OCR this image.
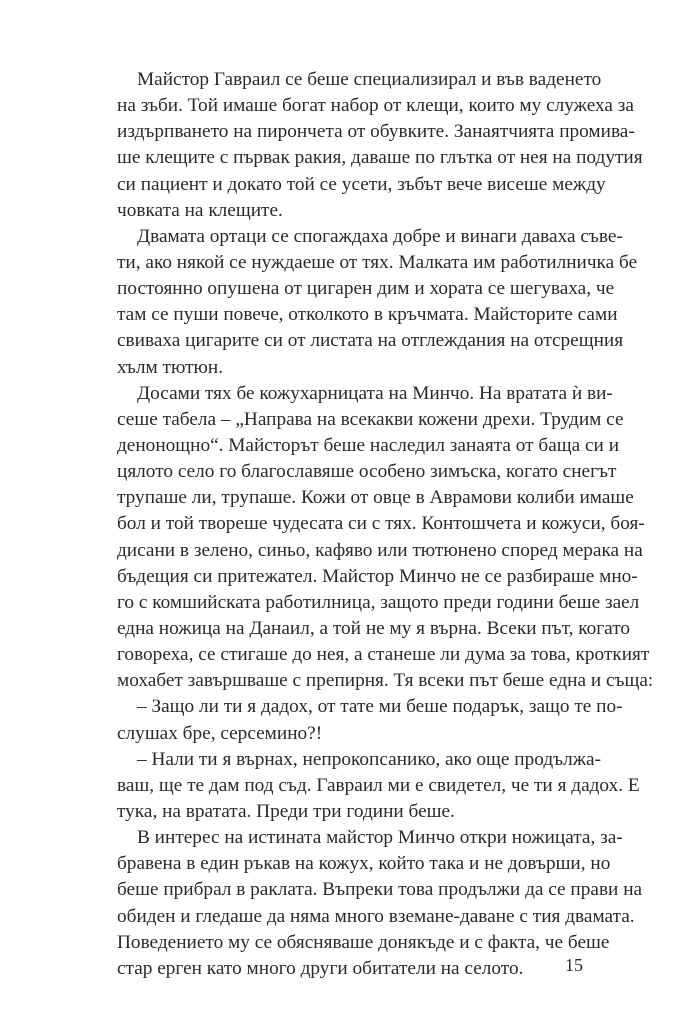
Майстор Гавраил се беше специализирал и във ваденето
на зъби. Той имаше богат набор от клещи, които му служеха за
издърпването на пирончета от обувките. Занаятчията промива-
ше клещите с първак ракия, даваше по глътка от нея на подутия
си пациент и докато той се усети, зъбът вече висеше между
човката на клещите.
Двамата ортаци се спогаждаха добре и винаги даваха съве-
ти, ако някой се нуждаеше от тях. Малката им работилничка бе
постоянно опушена от цигарен дим и хората се шегуваха, че
там се пуши повече, отколкото в кръчмата. Майсторите сами
свиваха цигарите си от листата на отглеждания на отсрещния
хълм тютюн.
Досами тях бе кожухарницата на Минчо. На вратата ѝ ви-
сеше табела – „Направа на всекакви кожени дрехи. Трудим се
денонощно“. Майсторът беше наследил занаята от баща си и
цялото село го благославяше особено зимъска, когато снегът
трупаше ли, трупаше. Кожи от овце в Аврамови колиби имаше
бол и той твореше чудесата си с тях. Контошчета и кожуси, боя-
дисани в зелено, синьо, кафяво или тютюнено според мерака на
бъдещия си притежател. Майстор Минчо не се разбираше мно-
го с комшийската работилница, защото преди години беше заел
една ножица на Данаил, а той не му я върна. Всеки път, когато
говореха, се стигаше до нея, а станеше ли дума за това, кроткият
мохабет завършваше с препирня. Тя всеки път беше една и съща:
– Защо ли ти я дадох, от тате ми беше подарък, защо те по-
слушах бре, серсемино?!
– Нали ти я върнах, непрокопсанико, ако още продължа-
ваш, ще те дам под съд. Гавраил ми е свидетел, че ти я дадох. Е
тука, на вратата. Преди три години беше.
В интерес на истината майстор Минчо откри ножицата, за-
бравена в един ръкав на кожух, който така и не довърши, но
беше прибрал в раклата. Въпреки това продължи да се прави на
обиден и гледаше да няма много вземане-даване с тия двамата.
Поведението му се обясняваше донякъде и с факта, че беше
стар ерген като много други обитатели на селото.	15
